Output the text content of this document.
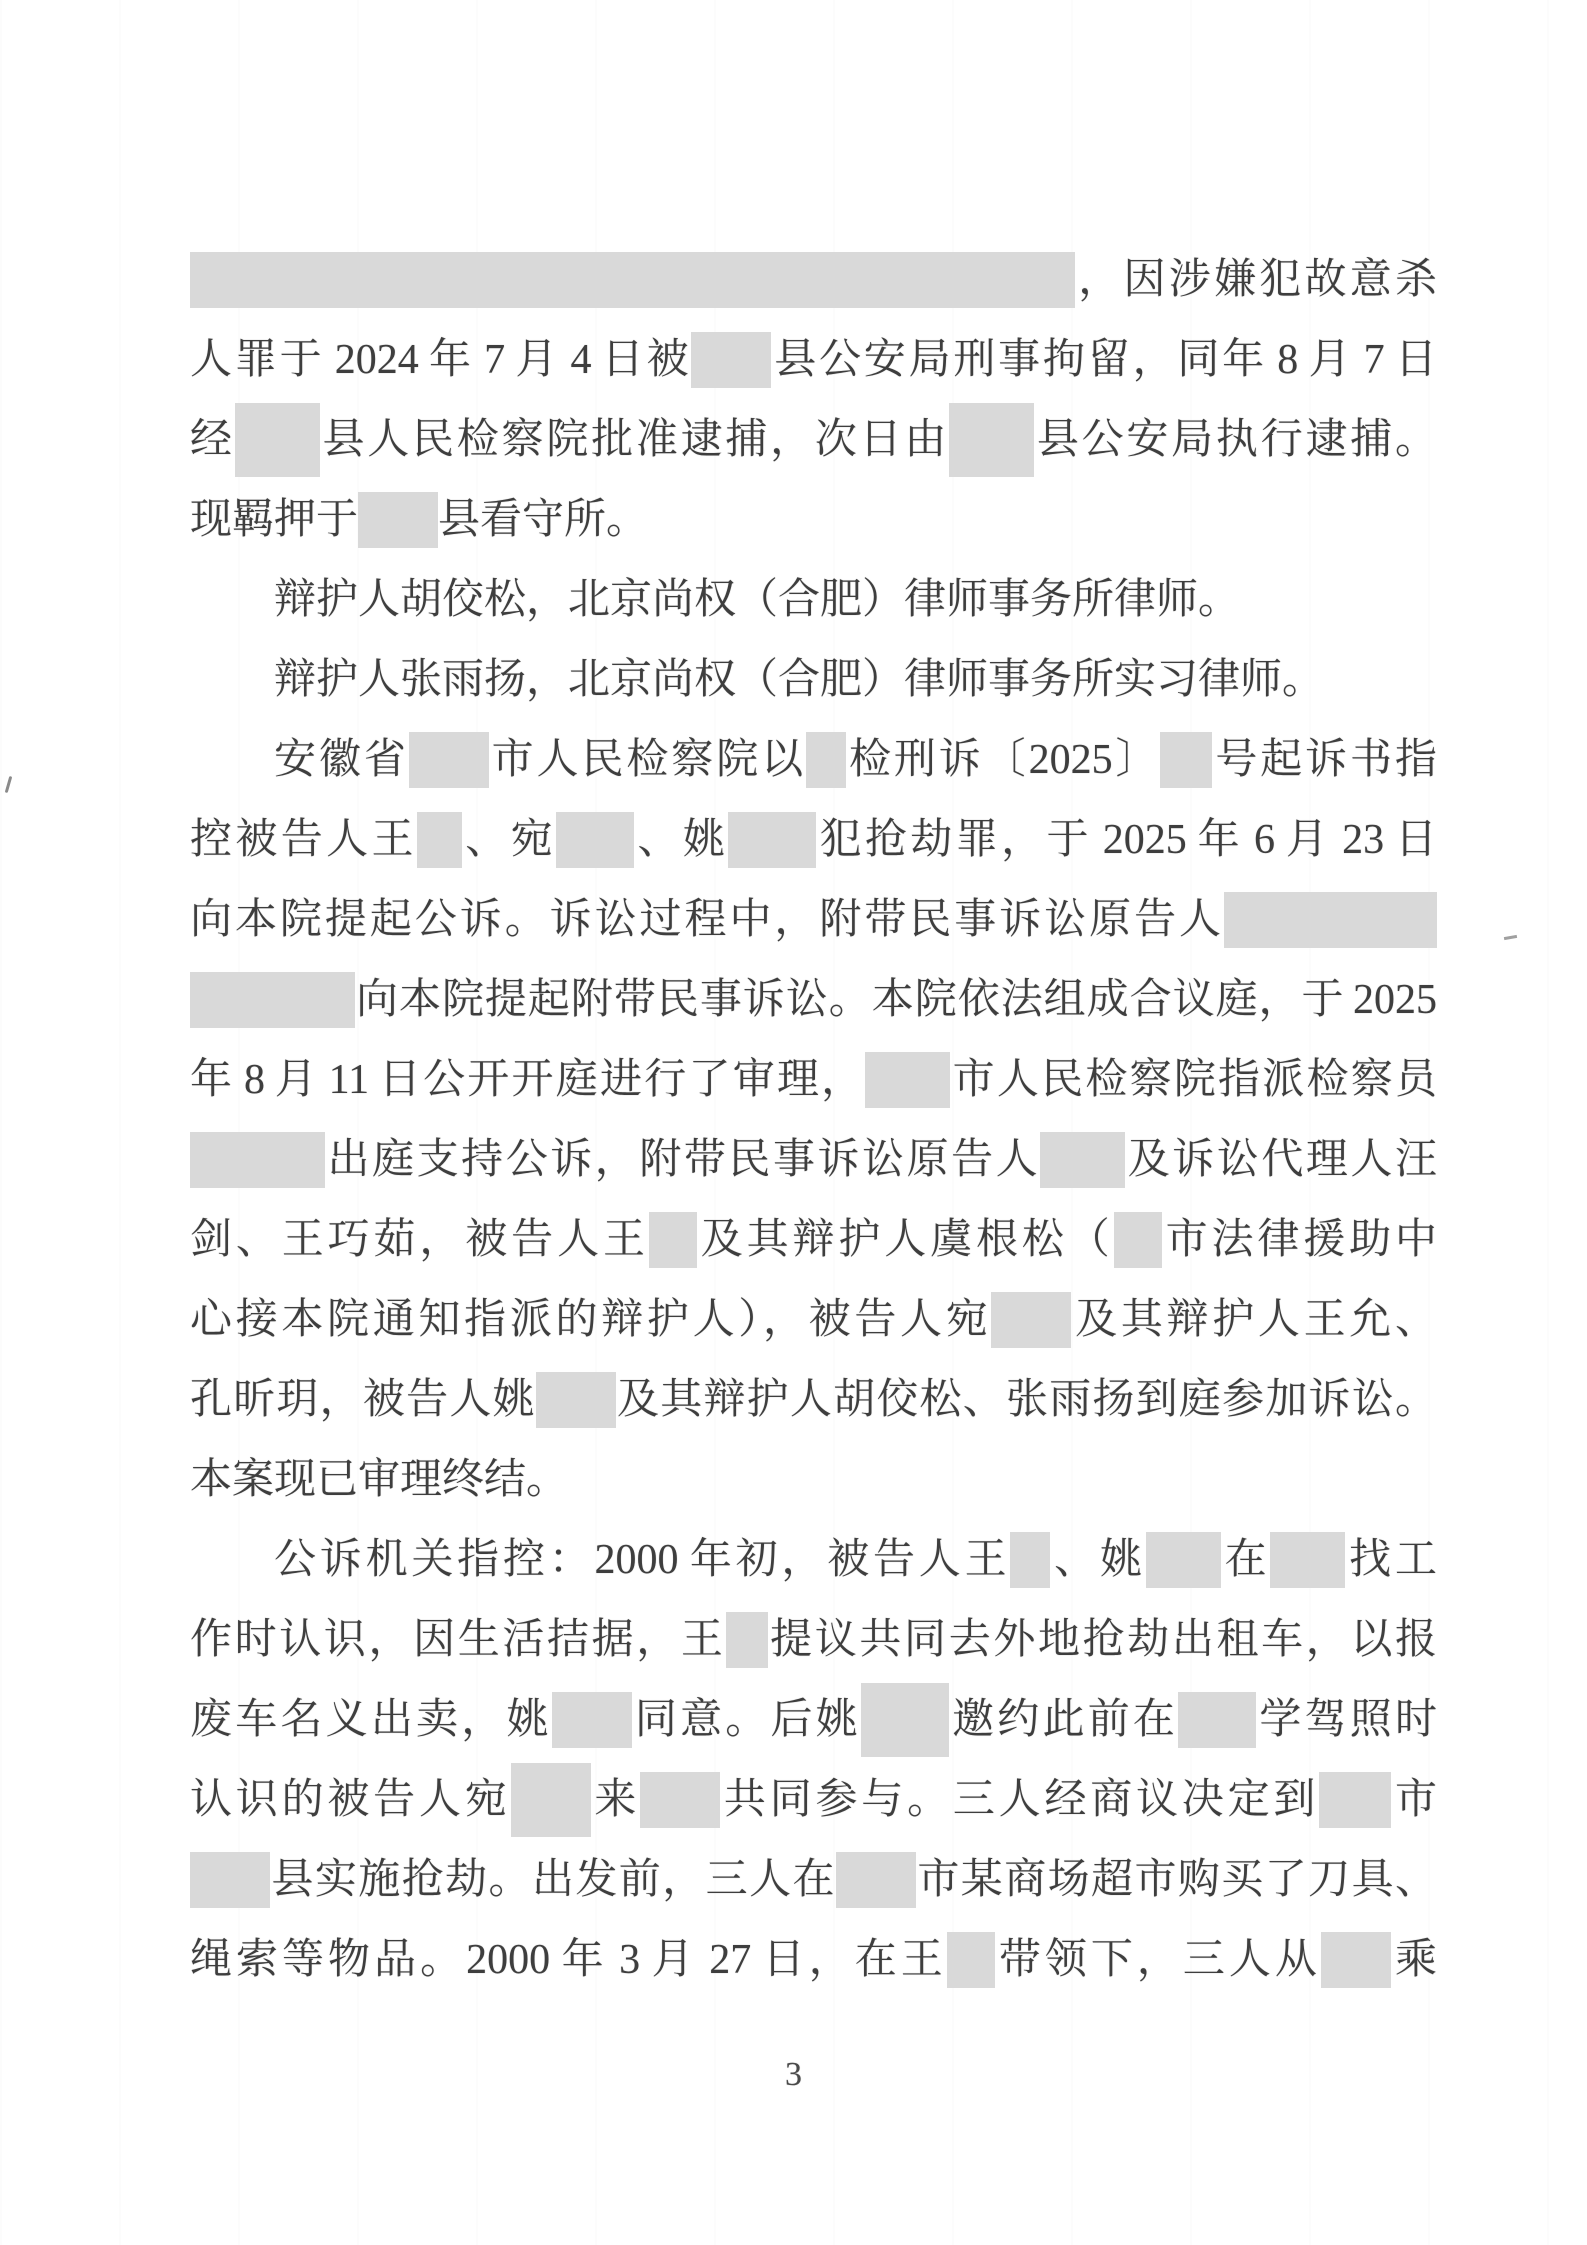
，因涉嫌犯故意杀
人罪于 2024 年 7 月 4 日被 县公安局刑事拘留，同年 8 月 7 日
经 县人民检察院批准逮捕，次日由 县公安局执行逮捕。
现羁押于 县看守所。
辩护人胡佼松，北京尚权（合肥）律师事务所律师。
辩护人张雨扬，北京尚权（合肥）律师事务所实习律师。
安徽省 市人民检察院以 检刑诉〔2025〕 号起诉书指
控被告人王 、宛 、姚 犯抢劫罪，于 2025 年 6 月 23 日
向本院提起公诉。诉讼过程中，附带民事诉讼原告人
向本院提起附带民事诉讼。本院依法组成合议庭，于 2025
年 8 月 11 日公开开庭进行了审理， 市人民检察院指派检察员
出庭支持公诉，附带民事诉讼原告人 及诉讼代理人汪
剑、王巧茹，被告人王 及其辩护人虞根松（ 市法律援助中
心接本院通知指派的辩护人），被告人宛 及其辩护人王允、
孔昕玥，被告人姚 及其辩护人胡佼松、张雨扬到庭参加诉讼。
本案现已审理终结。
公诉机关指控：2000 年初，被告人王 、姚 在 找工
作时认识，因生活拮据，王 提议共同去外地抢劫出租车，以报
废车名义出卖，姚 同意。后姚 邀约此前在 学驾照时
认识的被告人宛 来 共同参与。三人经商议决定到 市
县实施抢劫。出发前，三人在 市某商场超市购买了刀具、
绳索等物品。2000 年 3 月 27 日，在王 带领下，三人从 乘
3
